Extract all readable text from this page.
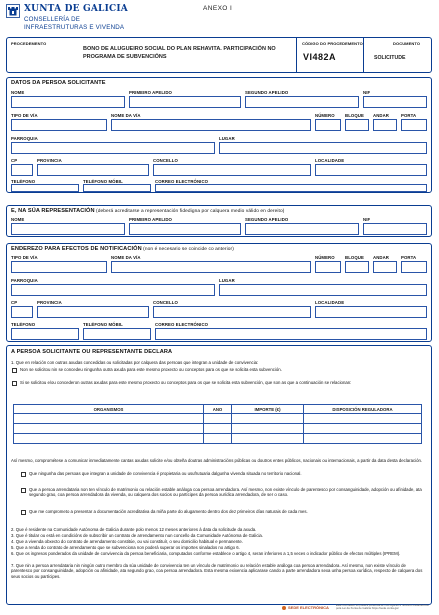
XUNTA DE GALICIA
CONSELLERÍA DE
INFRAESTRUTURAS E VIVENDA
ANEXO I
PROCEDEMENTO
BONO DE ALUGUEIRO SOCIAL DO PLAN REHAVITA. PARTICIPACIÓN NO PROGRAMA DE SUBVENCIÓNS
CÓDIGO DO PROCEDEMENTO
VI482A
DOCUMENTO
SOLICITUDE
DATOS DA PERSOA SOLICITANTE
NOME	PRIMEIRO APELIDO	SEGUNDO APELIDO	NIF
TIPO DE VÍA	NOME DA VÍA	NÚMERO BLOQUE ANDAR	PORTA
PARROQUIA	LUGAR
CP	PROVINCIA	CONCELLO	LOCALIDADE
TELÉFONO	TELÉFONO MÓBIL	CORREO ELECTRÓNICO
E, NA SÚA REPRESENTACIÓN (deberá acreditarse a representación fidedigna por calquera medio válido en dereito)
NOME	PRIMEIRO APELIDO	SEGUNDO APELIDO	NIF
ENDEREZO PARA EFECTOS DE NOTIFICACIÓN (non é necesario se coincide co anterior)
TIPO DE VÍA	NOME DA VÍA	NÚMERO BLOQUE ANDAR	PORTA
PARROQUIA	LUGAR
CP	PROVINCIA	CONCELLO	LOCALIDADE
TELÉFONO	TELÉFONO MÓBIL	CORREO ELECTRÓNICO
A PERSOA SOLICITANTE OU REPRESENTANTE DECLARA
1. Que en relación con outras axudas concedidas ou solicitadas por calquera das persoas que integran a unidade de convivencia:
Non se solicitou nin se concedeu ningunha outra axuda para este mesmo proxecto ou conceptos para os que se solicita esta subvención.
Si se solicitou e/ou concederon outras axudas para este mesmo proxecto ou conceptos para os que se solicita esta subvención, que son as que a continuación se relacionan:
ORGANISMOS	ANO	IMPORTE (€)	DISPOSICIÓN REGULADORA

Así mesmo, comprométese a comunicar inmediatamente cantas axudas solicite e/ou obteña doutras administracións públicas ou doutros entes públicos, nacionais ou internacionais, a partir da data desta declaración.
Que ningunha das persoas que integran a unidade de convivencia é propietaria ou usufrutuaria dalgunha vivenda situada no territorio nacional.
Que a persoa arrendataria non ten vínculo de matrimonio ou relación estable análoga coa persoa arrendadora. Así mesmo, non existe vínculo de parentesco por consanguinidade, adopción ou afinidade, ata segundo grao, coa persoa arrendadora da vivenda, ou calquera dos socios ou partícipes da persoa xurídica arrendadora, de ser o caso.
Que me comprometo a presentar a documentación acreditativa da miña parte do alugamento dentro dos dez primeiros días naturais de cada mes.
2. Que é residente na Comunidade Autónoma de Galicia durante polo menos 12 meses anteriores á data da solicitude da axuda.
3. Que é titular ou está en condicións de subscribir un contrato de arrendamento nun concello da Comunidade Autónoma de Galicia.
4. Que a vivenda obxecto do contrato de arrendamento constitúe, ou vai constituír, o seu domicilio habitual e permanente.
5. Que a renda do contrato de arrendamento que se subvenciona non poderá superar os importes sinalados no artigo 6.
6. Que os ingresos ponderados da unidade de convivencia da persoa beneficiaria, computados conforme establece o artigo 4, seran inferiores a 1,5 veces o indicador público de efectos múltiples (IPREM).
7. Que nin a persoa arrendataria nin ningún outro membro da súa unidade de convivencia ten un vínculo de matrimonio ou relación estable análoga coa persoa arrendadora. Así mesmo, non existe vínculo de parentesco por consanguinidade, adopción ou afinidade, ata segundo grao, coa persoa arrendadora. Esta mesma exixencia aplicarase cando a parte arrendadora sexa unha persoa xurídica, respecto de calquera dos seus socios ou partícipes.
SEDE ELECTRÓNICA	Este formulario só poderá presentarse nos lugares e rexistros establecidos pola Lei da Xunta de Galicia https://sede.xunta.gal
